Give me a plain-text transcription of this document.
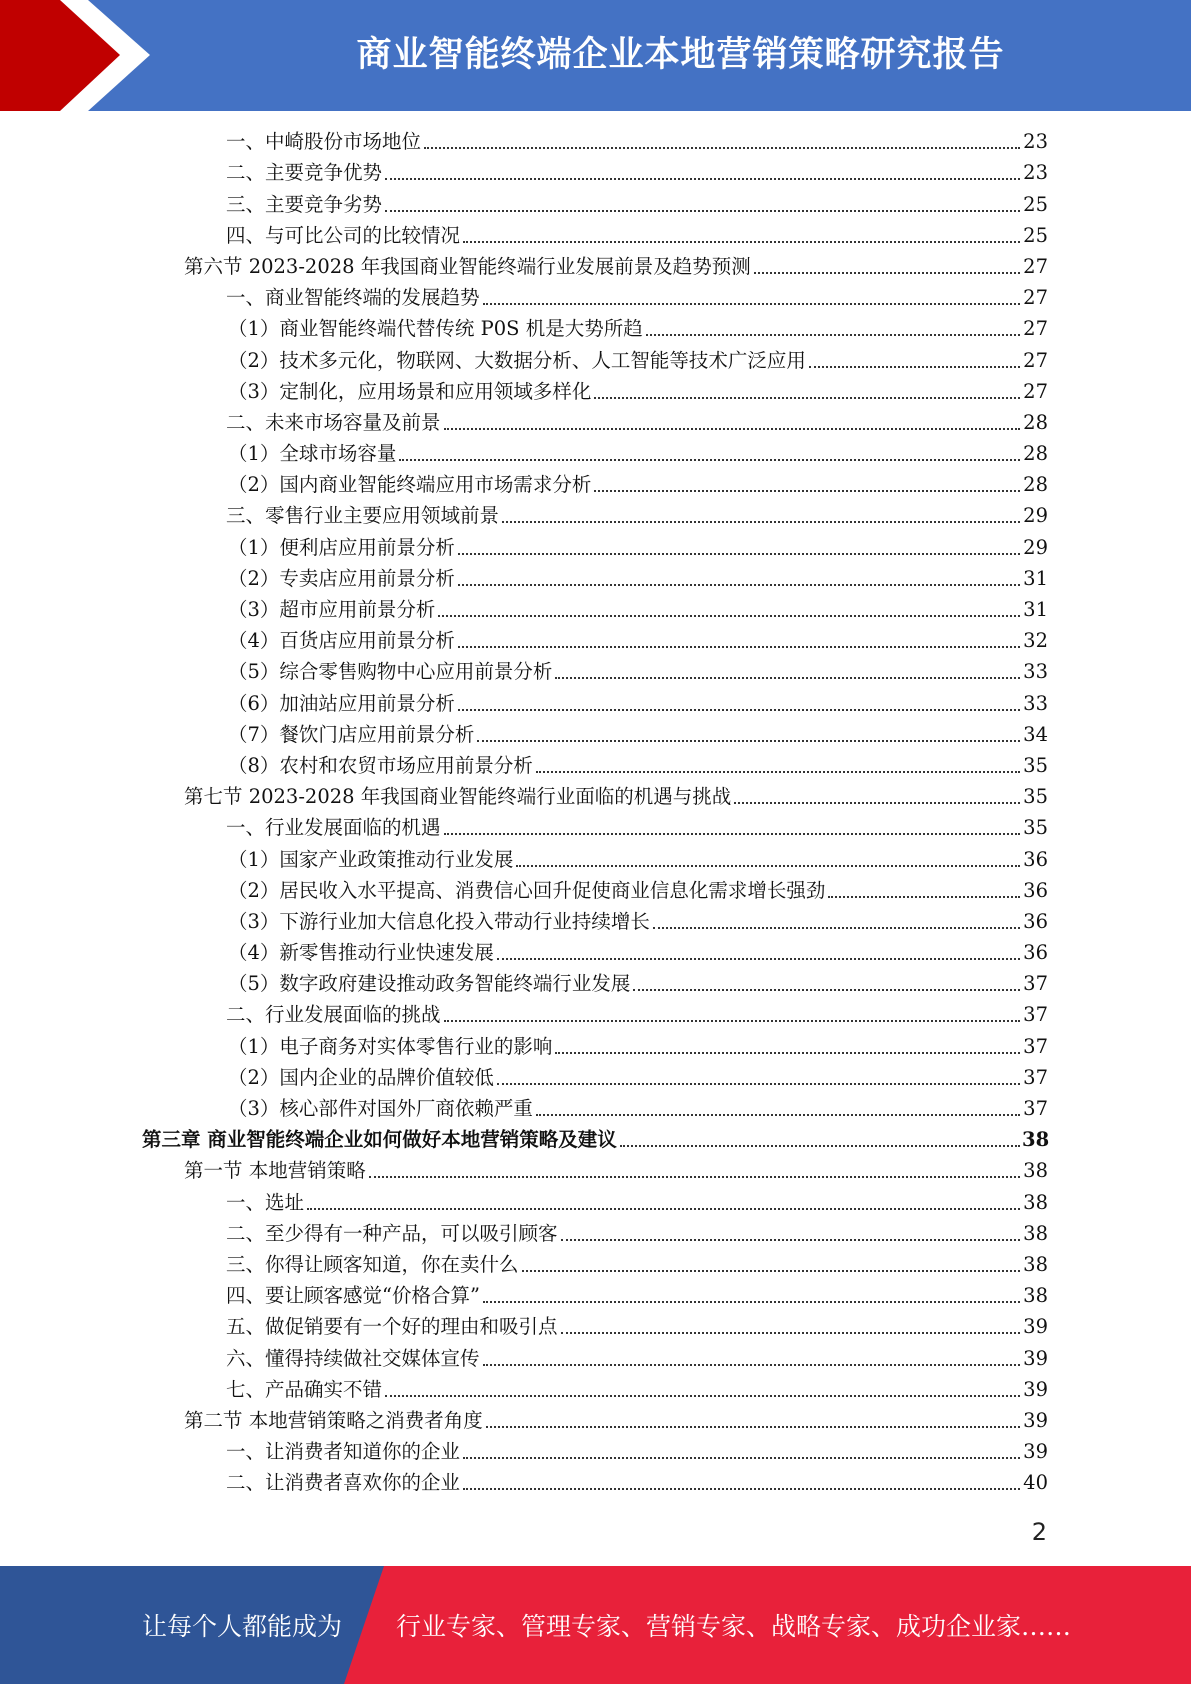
商业智能终端企业本地营销策略研究报告
一、中崎股份市场地位	23
二、主要竞争优势	23
三、主要竞争劣势	25
四、与可比公司的比较情况	25
第六节 2023-2028 年我国商业智能终端行业发展前景及趋势预测	27
一、商业智能终端的发展趋势	27
（1）商业智能终端代替传统 P0S 机是大势所趋	27
（2）技术多元化，物联网、大数据分析、人工智能等技术广泛应用	27
（3）定制化，应用场景和应用领域多样化	27
二、未来市场容量及前景	28
（1）全球市场容量	28
（2）国内商业智能终端应用市场需求分析	28
三、零售行业主要应用领域前景	29
（1）便利店应用前景分析	29
（2）专卖店应用前景分析	31
（3）超市应用前景分析	31
（4）百货店应用前景分析	32
（5）综合零售购物中心应用前景分析	33
（6）加油站应用前景分析	33
（7）餐饮门店应用前景分析	34
（8）农村和农贸市场应用前景分析	35
第七节 2023-2028 年我国商业智能终端行业面临的机遇与挑战	35
一、行业发展面临的机遇	35
（1）国家产业政策推动行业发展	36
（2）居民收入水平提高、消费信心回升促使商业信息化需求增长强劲	36
（3）下游行业加大信息化投入带动行业持续增长	36
（4）新零售推动行业快速发展	36
（5）数字政府建设推动政务智能终端行业发展	37
二、行业发展面临的挑战	37
（1）电子商务对实体零售行业的影响	37
（2）国内企业的品牌价值较低	37
（3）核心部件对国外厂商依赖严重	37
第三章 商业智能终端企业如何做好本地营销策略及建议	38
第一节 本地营销策略	38
一、选址	38
二、至少得有一种产品，可以吸引顾客	38
三、你得让顾客知道，你在卖什么	38
四、要让顾客感觉“价格合算”	38
五、做促销要有一个好的理由和吸引点	39
六、懂得持续做社交媒体宣传	39
七、产品确实不错	39
第二节 本地营销策略之消费者角度	39
一、让消费者知道你的企业	39
二、让消费者喜欢你的企业	40
2
让每个人都能成为 行业专家、管理专家、营销专家、战略专家、成功企业家……
